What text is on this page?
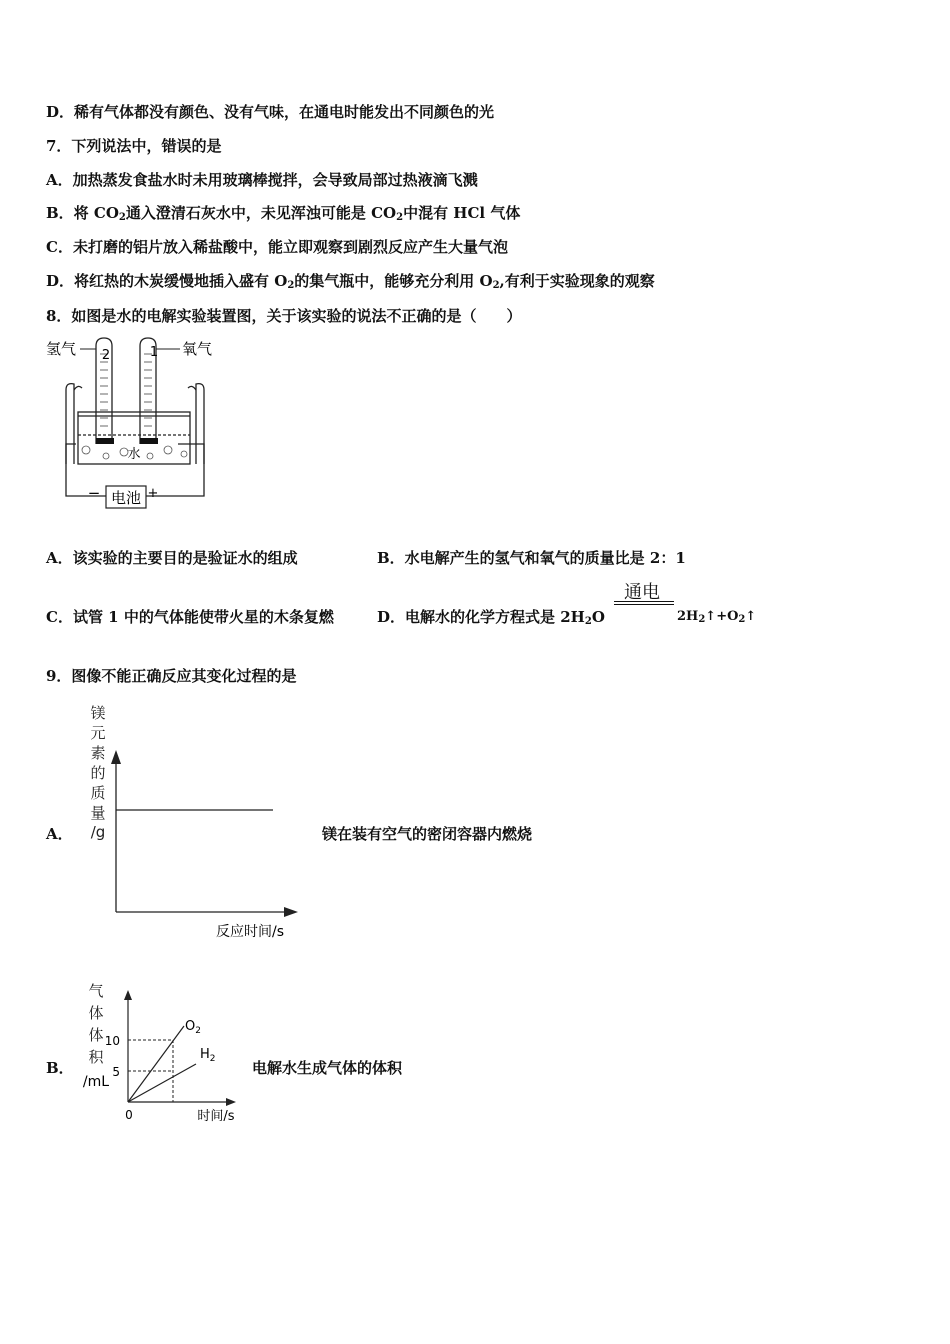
D．稀有气体都没有颜色、没有气味，在通电时能发出不同颜色的光
7．下列说法中，错误的是
A．加热蒸发食盐水时未用玻璃棒搅拌，会导致局部过热液滴飞溅
B．将 $CO_2$通入澄清石灰水中，未见浑浊可能是 $CO_2$中混有 HCl 气体
C．未打磨的铝片放入稀盐酸中，能立即观察到剧烈反应产生大量气泡
D．将红热的木炭缓慢地插入盛有 $O_2$的集气瓶中，能够充分利用 $O_2$,有利于实验现象的观察
8．如图是水的电解实验装置图，关于该实验的说法不正确的是（　　）
电池
−	+
氢气 2	1 氧气
水
A．该实验的主要目的是验证水的组成	B．水电解产生的氢气和氧气的质量比是 2：1
C．试管 1 中的气体能使带火星的木条复燃	D．电解水的化学方程式是 $2H_2O$
通电
$2H_2↑+O_2↑$
9．图像不能正确反应其变化过程的是
A．
镁
元
素
的
质
量
/g
反应时间/s
镁在装有空气的密闭容器内燃烧
B．
气
体
体
积
/mL
10
5
0
$O_2$
$H_2$
时间/s
电解水生成气体的体积
